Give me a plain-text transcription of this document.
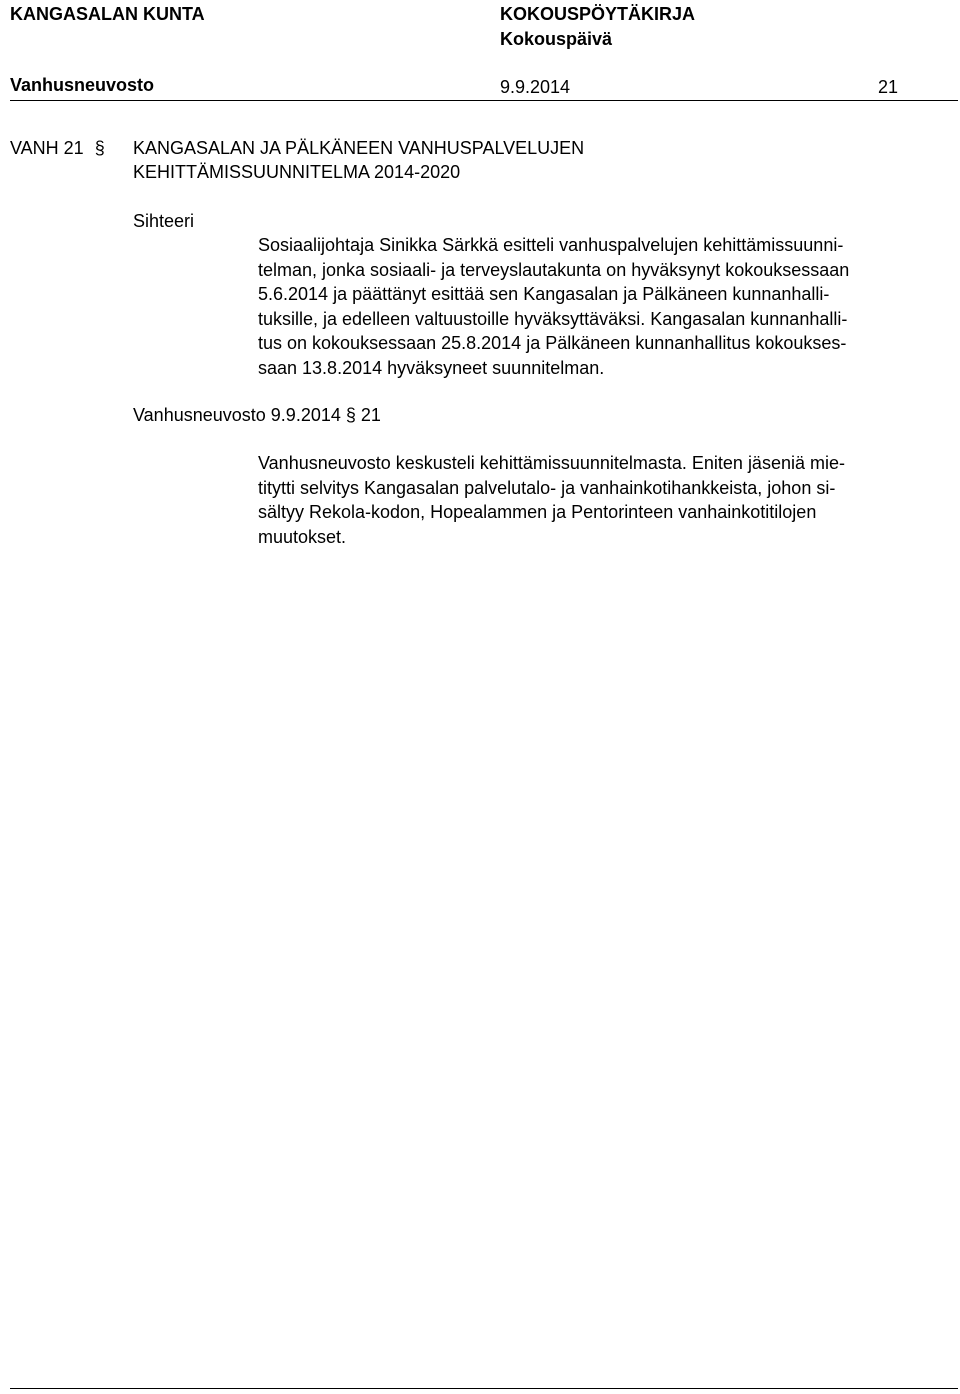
KANGASALAN KUNTA	KOKOUSPÖYTÄKIRJA
Kokouspäivä
Vanhusneuvosto	9.9.2014	21
VANH 21 § KANGASALAN JA PÄLKÄNEEN VANHUSPALVELUJEN
KEHITTÄMISSUUNNITELMA 2014-2020
Sihteeri
Sosiaalijohtaja Sinikka Särkkä esitteli vanhuspalvelujen kehittämissuunni-
telman, jonka sosiaali- ja terveyslautakunta on hyväksynyt kokouksessaan
5.6.2014 ja päättänyt esittää sen Kangasalan ja Pälkäneen kunnanhalli-
tuksille, ja edelleen valtuustoille hyväksyttäväksi. Kangasalan kunnanhalli-
tus on kokouksessaan 25.8.2014 ja Pälkäneen kunnanhallitus kokoukses-
saan 13.8.2014 hyväksyneet suunnitelman.
Vanhusneuvosto 9.9.2014 § 21
Vanhusneuvosto keskusteli kehittämissuunnitelmasta. Eniten jäseniä mie-
titytti selvitys Kangasalan palvelutalo- ja vanhainkotihankkeista, johon si-
sältyy Rekola-kodon, Hopealammen ja Pentorinteen vanhainkotitilojen
muutokset.
